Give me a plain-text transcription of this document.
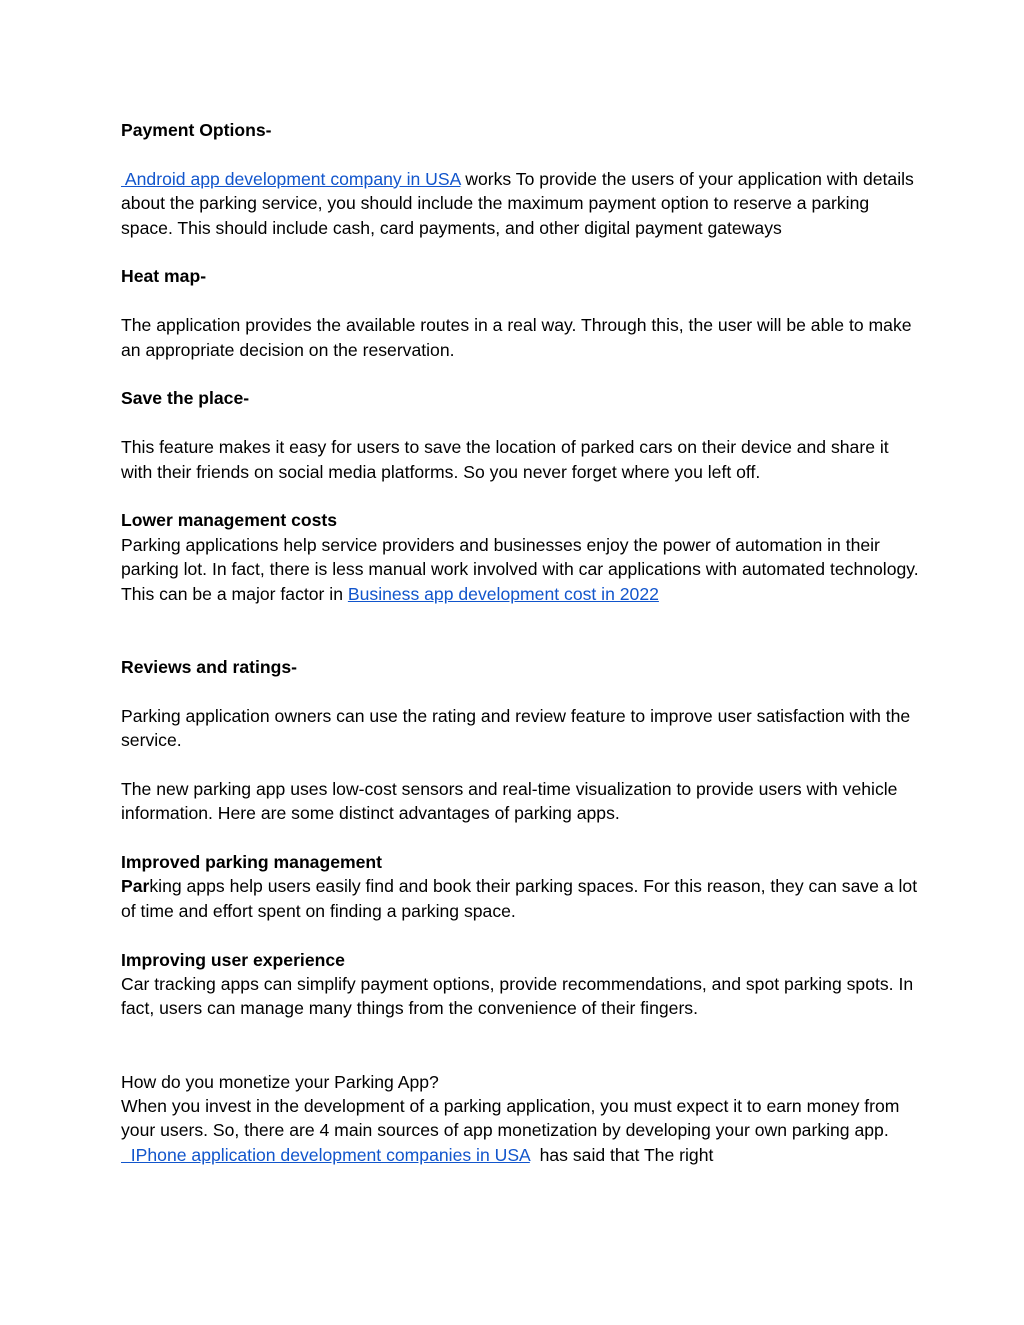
Payment Options-

Android app development company in USA works To provide the users of your application with details about the parking service, you should include the maximum payment option to reserve a parking space. This should include cash, card payments, and other digital payment gateways

Heat map-

The application provides the available routes in a real way. Through this, the user will be able to make an appropriate decision on the reservation.

Save the place-

This feature makes it easy for users to save the location of parked cars on their device and share it with their friends on social media platforms. So you never forget where you left off.

Lower management costs

Parking applications help service providers and businesses enjoy the power of automation in their parking lot. In fact, there is less manual work involved with car applications with automated technology. This can be a major factor in Business app development cost in 2022

Reviews and ratings-

Parking application owners can use the rating and review feature to improve user satisfaction with the service.

The new parking app uses low-cost sensors and real-time visualization to provide users with vehicle information. Here are some distinct advantages of parking apps.

Improved parking management

Parking apps help users easily find and book their parking spaces. For this reason, they can save a lot of time and effort spent on finding a parking space.

Improving user experience

Car tracking apps can simplify payment options, provide recommendations, and spot parking spots. In fact, users can manage many things from the convenience of their fingers.

How do you monetize your Parking App?

When you invest in the development of a parking application, you must expect it to earn money from your users. So, there are 4 main sources of app monetization by developing your own parking app.  IPhone application development companies in USA  has said that The right
